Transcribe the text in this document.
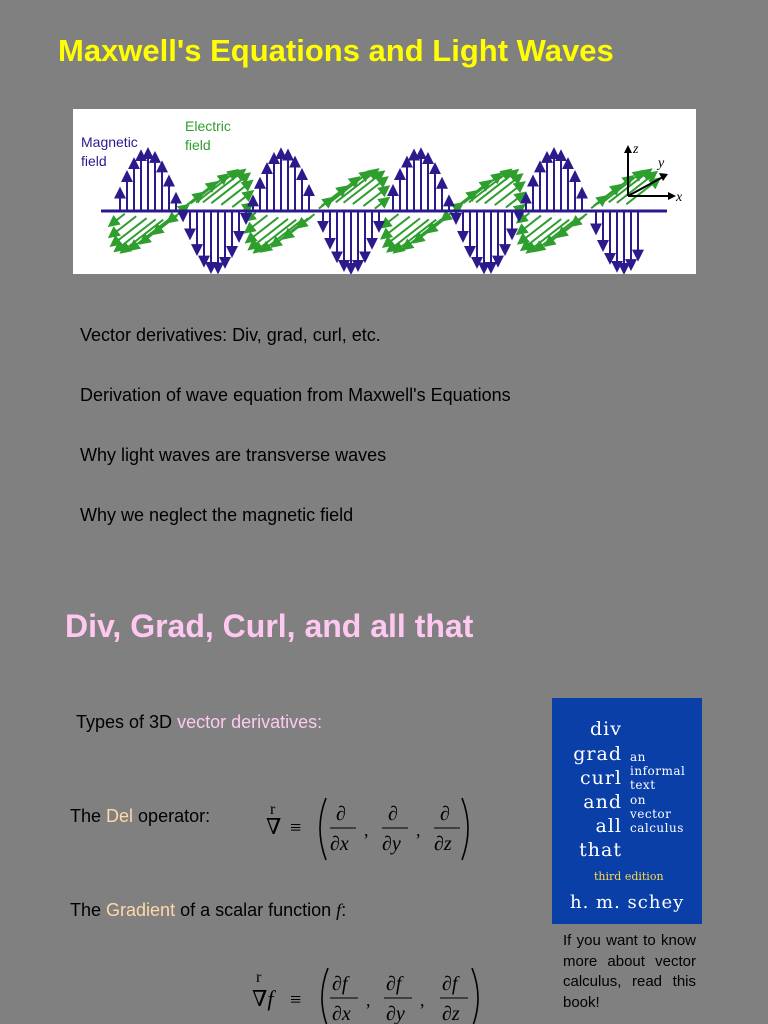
Maxwell's Equations and Light Waves
Magnetic
field
Electric
field	z
y
x

Vector derivatives: Div, grad, curl, etc.

Derivation of wave equation from Maxwell's Equations

Why light waves are transverse waves

Why we neglect the magnetic field

Div, Grad, Curl, and all that
Types of 3D vector derivatives:
The Del operator:	r
∇ ≡
∂
∂x
,
∂
∂y
,
∂
∂z
The Gradient of a scalar function f:
r
∇f ≡
∂f
∂x
,
∂f
∂y
,
∂f
∂z
div
grad
curl
and
all
that
an
informal
text
on
vector
calculus
third edition
h. m. schey
If you want to know more about vector calculus, read this book!
